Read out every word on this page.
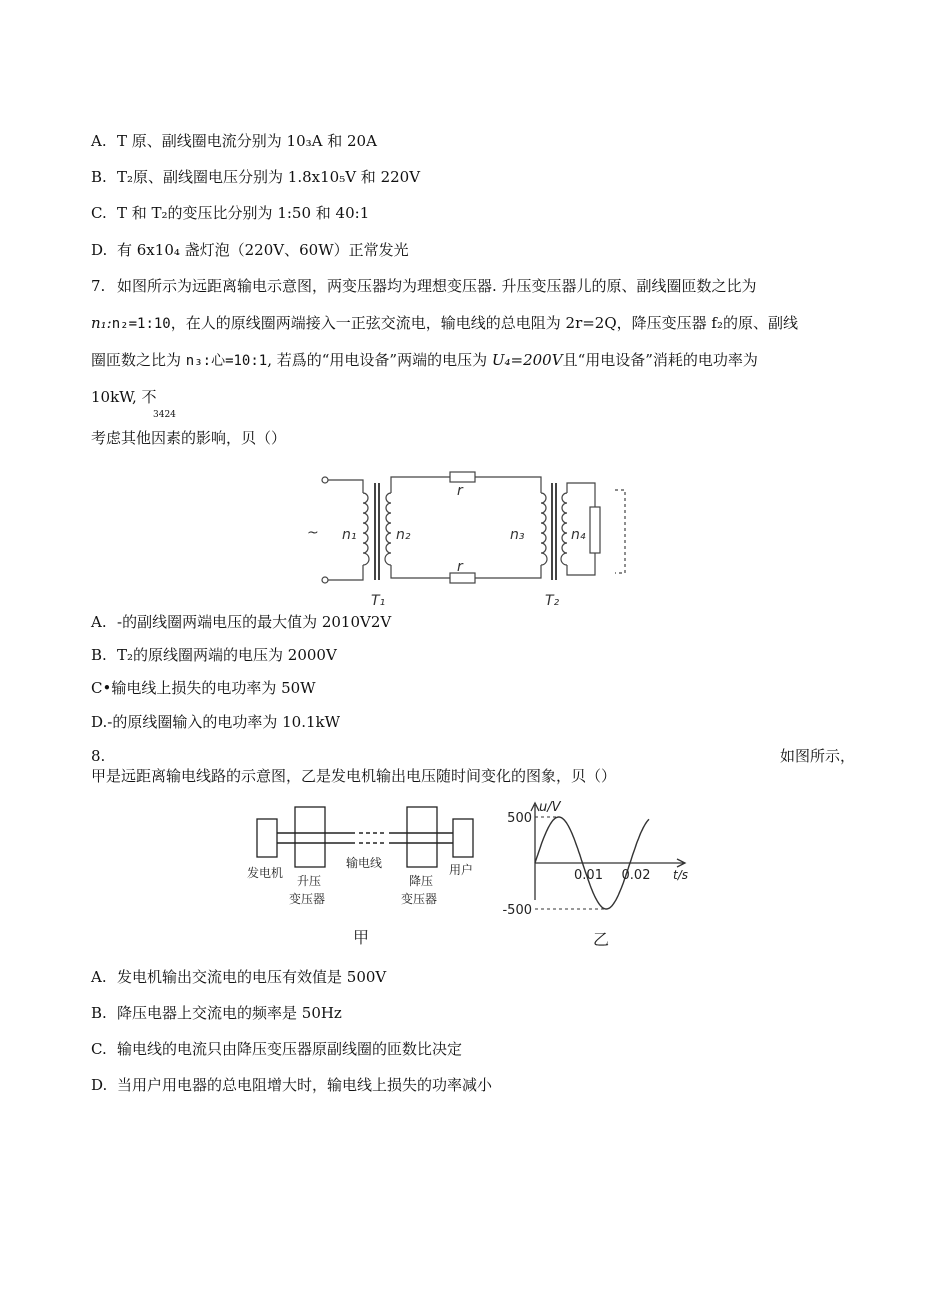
A. T 原、副线圈电流分别为 10₃A 和 20A
B. T₂原、副线圈电压分别为 1.8x10₅V 和 220V
C. T 和 T₂的变压比分别为 1:50 和 40:1
D. 有 6x10₄ 盏灯泡（220V、60W）正常发光
7. 如图所示为远距离输电示意图，两变压器均为理想变压器. 升压变压器儿的原、副线圈匝数之比为
n₁:n₂=1:10，在人的原线圈两端接入一正弦交流电，输电线的总电阻为 2r=2Q，降压变压器 f₂的原、副线
圈匝数之比为 n₃:心=10:1, 若爲的“用电设备”两端的电压为 U₄=200V且“用电设备”消耗的电功率为
10kW, 不
3424
考虑其他因素的影响，贝（）
~ n₁	n₂
r
r
n₃	n₄
T₁	T₂
A. -的副线圈两端电压的最大值为 2010V2V
B. T₂的原线圈两端的电压为 2000V
C•输电线上损失的电功率为 50W
D.-的原线圈输入的电功率为 10.1kW
8.	如图所示，
甲是远距离输电线路的示意图，乙是发电机输出电压随时间变化的图象，贝（）
发电机
升压
变压器
输电线
降压
变压器
用户
甲
u/V
t/s
500
-500
0.01 0.02
乙
A. 发电机输出交流电的电压有效值是 500V
B. 降压电器上交流电的频率是 50Hz
C. 输电线的电流只由降压变压器原副线圈的匝数比决定
D. 当用户用电器的总电阻增大时，输电线上损失的功率减小
